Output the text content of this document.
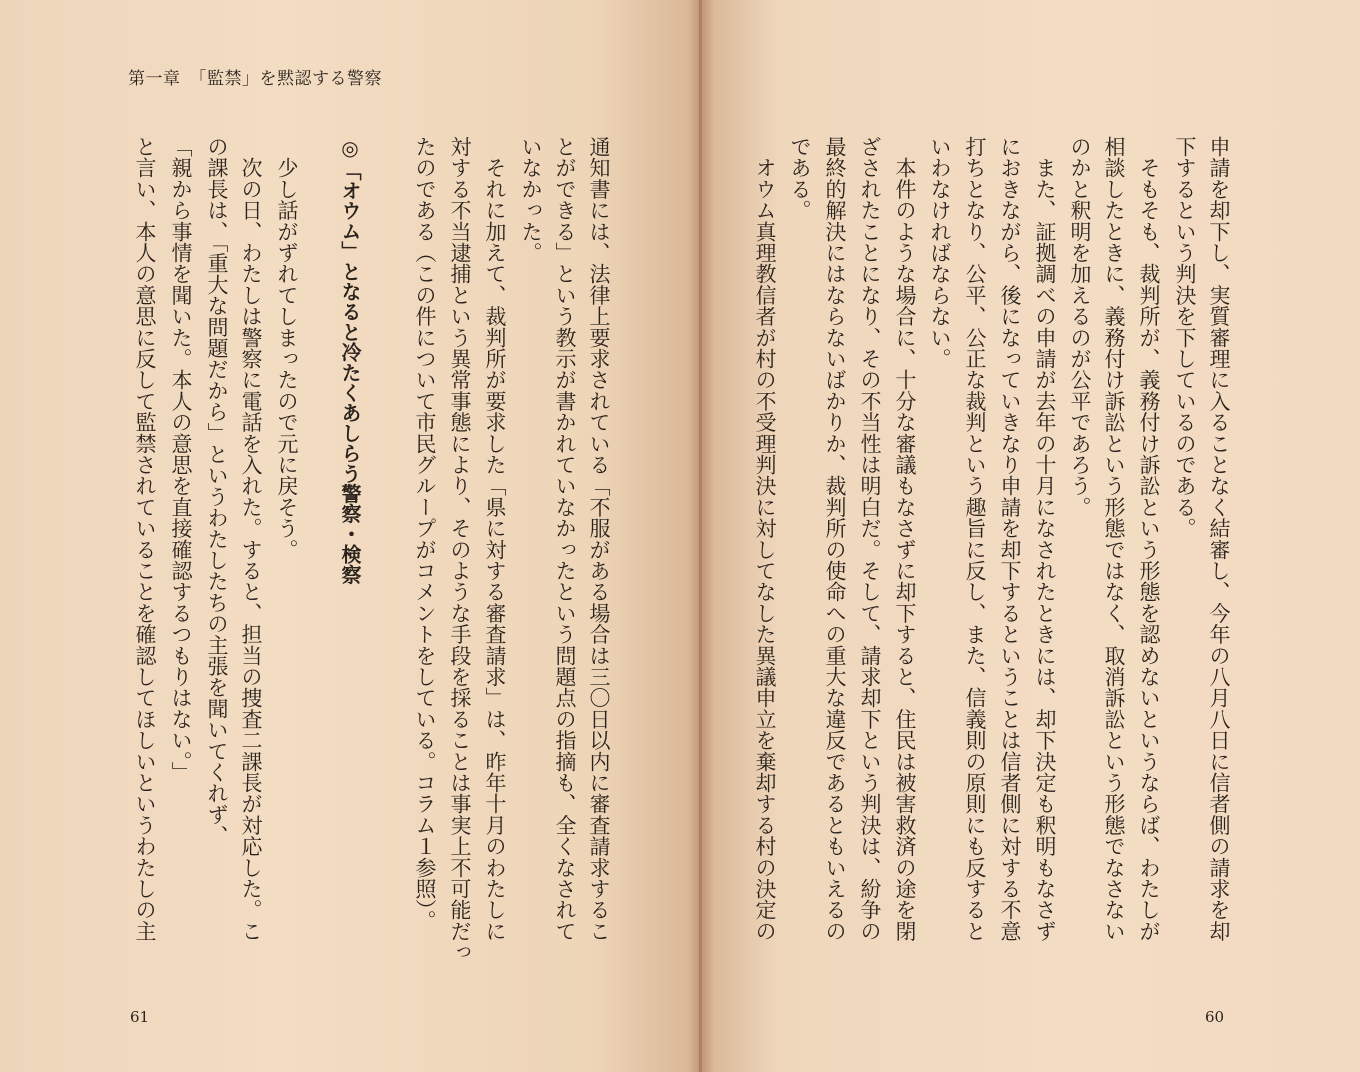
第一章　「監禁」を黙認する警察
通知書には、法律上要求されている「不服がある場合は三〇日以内に審査請求するこ
とができる」という教示が書かれていなかったという問題点の指摘も、全くなされて
いなかった。
　それに加えて、裁判所が要求した「県に対する審査請求」は、昨年十月のわたしに
対する不当逮捕という異常事態により、そのような手段を採ることは事実上不可能だっ
たのである（この件について市民グループがコメントをしている。コラム１参照）。
◎「オウム」となると冷たくあしらう警察・検察
　少し話がずれてしまったので元に戻そう。
　次の日、わたしは警察に電話を入れた。すると、担当の捜査二課長が対応した。こ
の課長は、「重大な問題だから」というわたしたちの主張を聞いてくれず、
「親から事情を聞いた。本人の意思を直接確認するつもりはない。」
と言い、本人の意思に反して監禁されていることを確認してほしいというわたしの主
61
申請を却下し、実質審理に入ることなく結審し、今年の八月八日に信者側の請求を却
下するという判決を下しているのである。
　そもそも、裁判所が、義務付け訴訟という形態を認めないというならば、わたしが
相談したときに、義務付け訴訟という形態ではなく、取消訴訟という形態でなさない
のかと釈明を加えるのが公平であろう。
　また、証拠調べの申請が去年の十月になされたときには、却下決定も釈明もなさず
におきながら、後になっていきなり申請を却下するということは信者側に対する不意
打ちとなり、公平、公正な裁判という趣旨に反し、また、信義則の原則にも反すると
いわなければならない。
　本件のような場合に、十分な審議もなさずに却下すると、住民は被害救済の途を閉
ざされたことになり、その不当性は明白だ。そして、請求却下という判決は、紛争の
最終的解決にはならないばかりか、裁判所の使命への重大な違反であるともいえるの
である。
　オウム真理教信者が村の不受理判決に対してなした異議申立を棄却する村の決定の
60
